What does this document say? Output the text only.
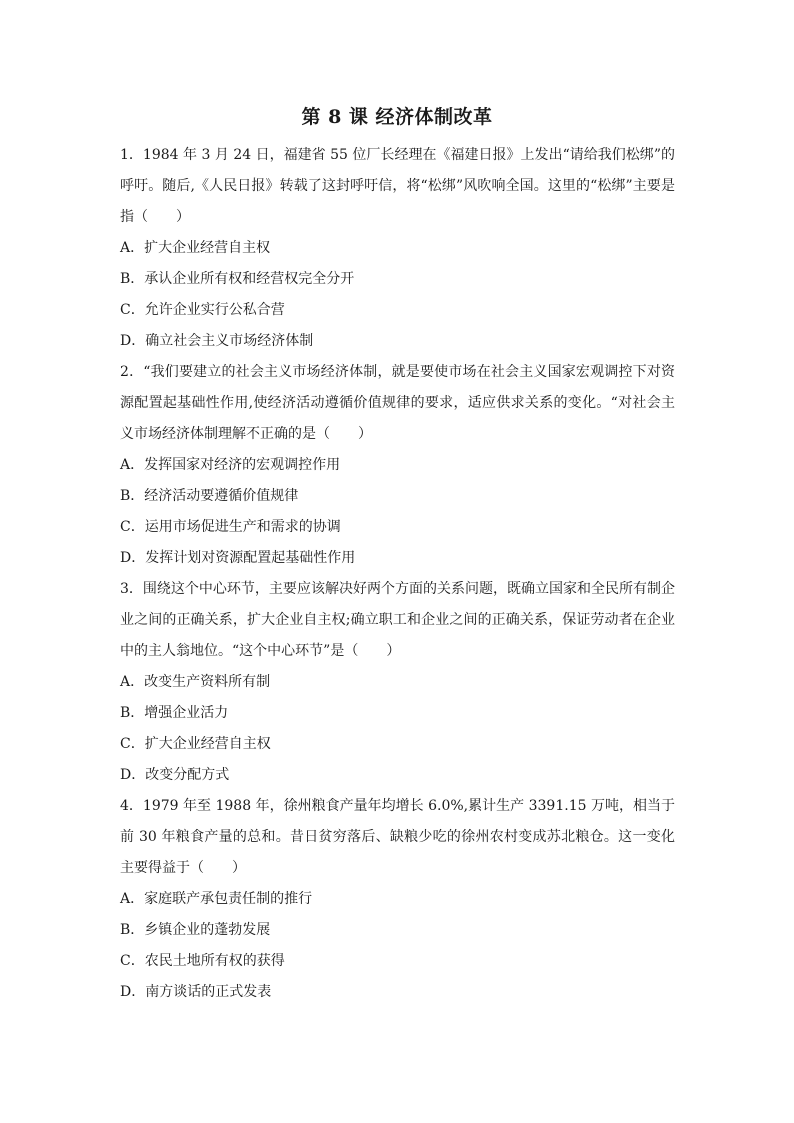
第 8 课 经济体制改革
1．1984 年 3 月 24 日，福建省 55 位厂长经理在《福建日报》上发出“请给我们松绑”的呼吁。随后,《人民日报》转载了这封呼吁信，将“松绑”风吹响全国。这里的“松绑”主要是指（　　）
A．扩大企业经营自主权
B．承认企业所有权和经营权完全分开
C．允许企业实行公私合营
D．确立社会主义市场经济体制
2．“我们要建立的社会主义市场经济体制，就是要使市场在社会主义国家宏观调控下对资源配置起基础性作用,使经济活动遵循价值规律的要求，适应供求关系的变化。“对社会主义市场经济体制理解不正确的是（　　）
A．发挥国家对经济的宏观调控作用
B．经济活动要遵循价值规律
C．运用市场促进生产和需求的协调
D．发挥计划对资源配置起基础性作用
3．围绕这个中心环节，主要应该解决好两个方面的关系问题，既确立国家和全民所有制企业之间的正确关系，扩大企业自主权;确立职工和企业之间的正确关系，保证劳动者在企业中的主人翁地位。“这个中心环节”是（　　）
A．改变生产资料所有制
B．增强企业活力
C．扩大企业经营自主权
D．改变分配方式
4．1979 年至 1988 年，徐州粮食产量年均增长 6.0%,累计生产 3391.15 万吨，相当于前 30 年粮食产量的总和。昔日贫穷落后、缺粮少吃的徐州农村变成苏北粮仓。这一变化主要得益于（　　）
A．家庭联产承包责任制的推行
B．乡镇企业的蓬勃发展
C．农民土地所有权的获得
D．南方谈话的正式发表
